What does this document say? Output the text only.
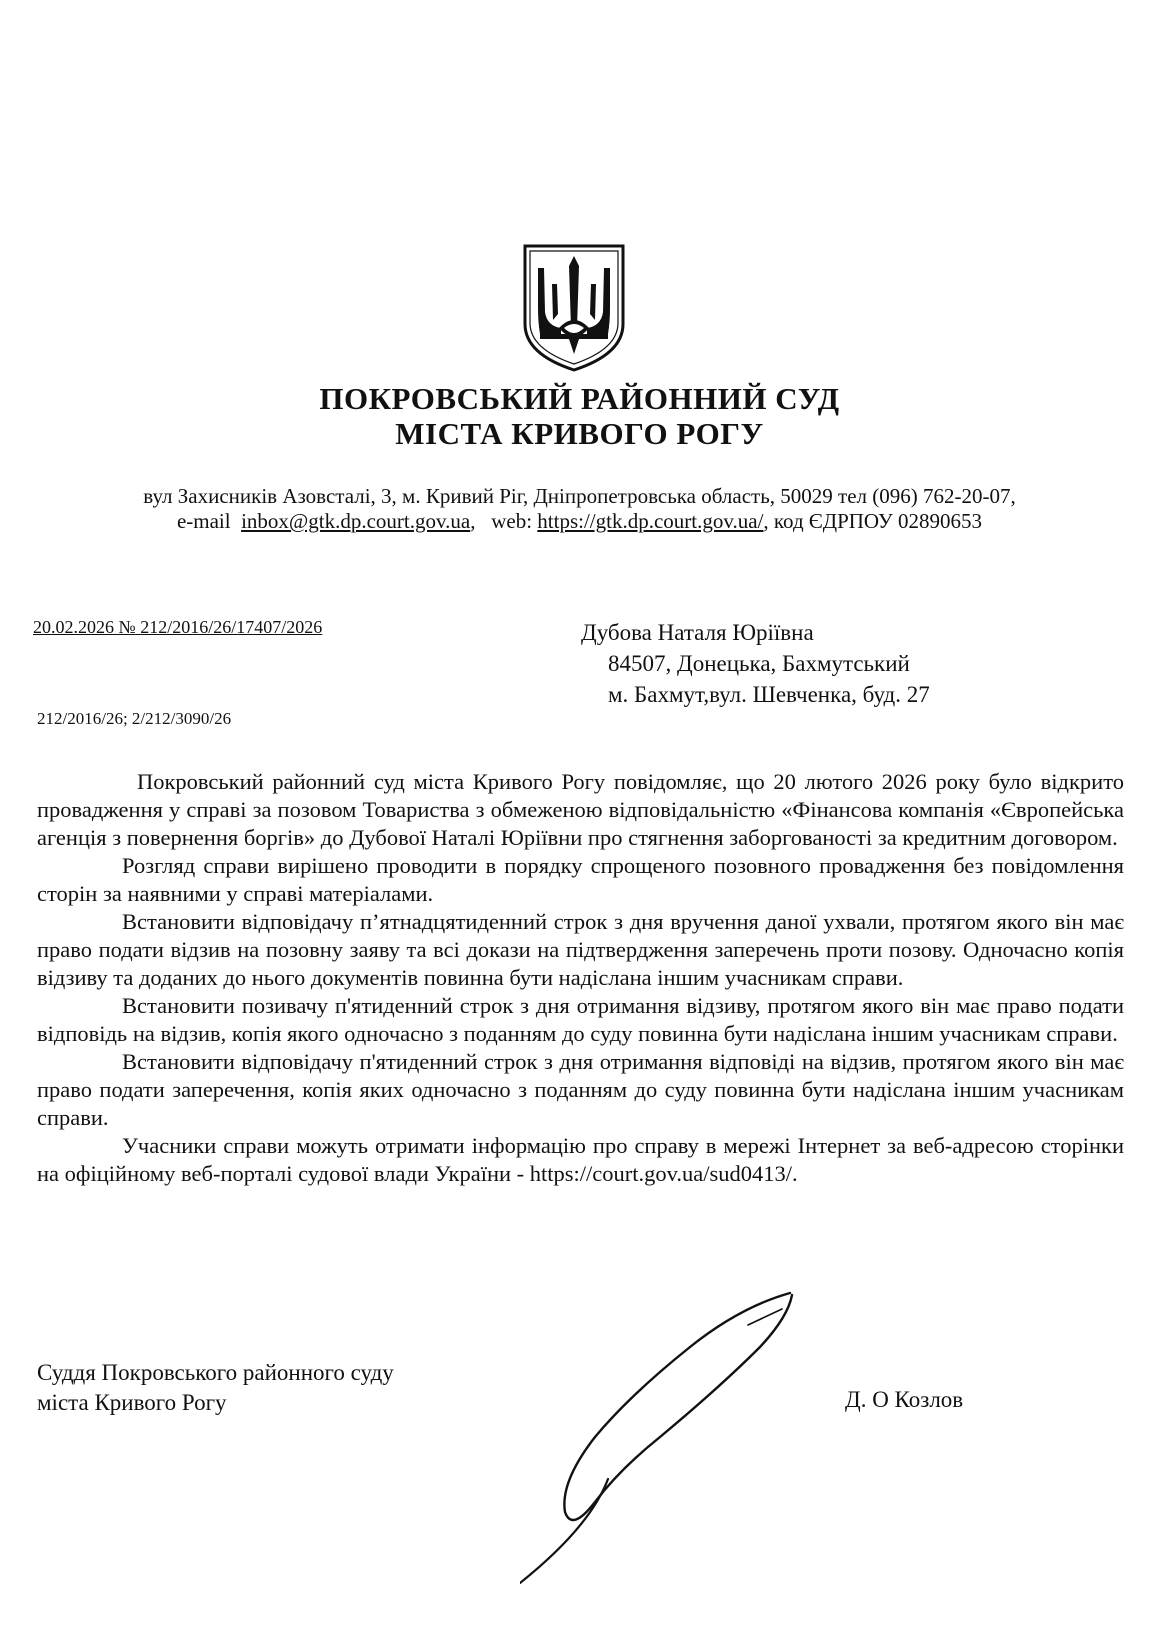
ПОКРОВСЬКИЙ РАЙОННИЙ СУД
МІСТА КРИВОГО РОГУ
вул Захисників Азовсталі, 3, м. Кривий Ріг, Дніпропетровська область, 50029 тел (096) 762-20-07,
e-mail inbox@gtk.dp.court.gov.ua,   web: https://gtk.dp.court.gov.ua/, код ЄДРПОУ 02890653
20.02.2026 № 212/2016/26/17407/2026
212/2016/26; 2/212/3090/26
Дубова Наталя Юріївна
84507, Донецька, Бахмутський
м. Бахмут,вул. Шевченка, буд. 27

Покровський районний суд міста Кривого Рогу повідомляє, що 20 лютого 2026 року було відкрито провадження у справі за позовом Товариства з обмеженою відповідальністю «Фінансова компанія «Європейська агенція з повернення боргів» до Дубової Наталі Юріївни про стягнення заборгованості за кредитним договором.

Розгляд справи вирішено проводити в порядку спрощеного позовного провадження без повідомлення сторін за наявними у справі матеріалами.

Встановити відповідачу п’ятнадцятиденний строк з дня вручення даної ухвали, протягом якого він має право подати відзив на позовну заяву та всі докази на підтвердження заперечень проти позову. Одночасно копія відзиву та доданих до нього документів повинна бути надіслана іншим учасникам справи.

Встановити позивачу п'ятиденний строк з дня отримання відзиву, протягом якого він має право подати відповідь на відзив, копія якого одночасно з поданням до суду повинна бути надіслана іншим учасникам справи.

Встановити відповідачу п'ятиденний строк з дня отримання відповіді на відзив, протягом якого він має право подати заперечення, копія яких одночасно з поданням до суду повинна бути надіслана іншим учасникам справи.

Учасники справи можуть отримати інформацію про справу в мережі Інтернет за веб-адресою сторінки на офіційному веб-порталі судової влади України - https://court.gov.ua/sud0413/.

Суддя Покровського районного суду
міста Кривого Рогу	Д. О Козлов
